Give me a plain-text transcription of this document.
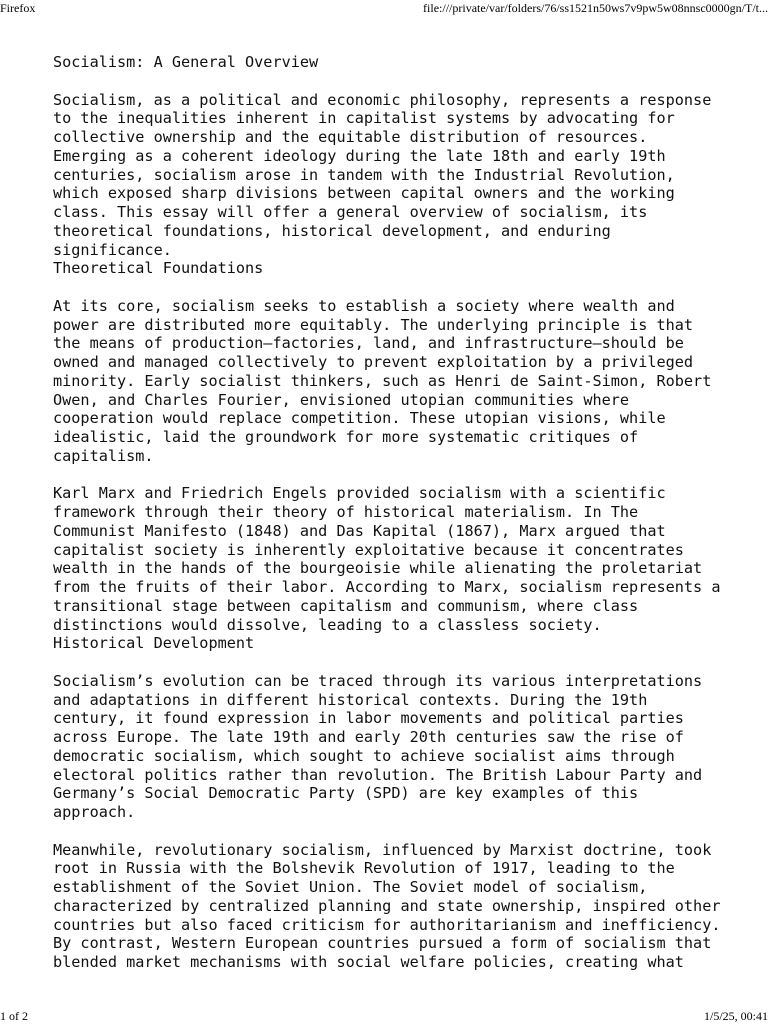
Firefox	file:///private/var/folders/76/ss1521n50ws7v9pw5w08nnsc0000gn/T/t...
Socialism: A General Overview
Socialism, as a political and economic philosophy, represents a response
to the inequalities inherent in capitalist systems by advocating for
collective ownership and the equitable distribution of resources.
Emerging as a coherent ideology during the late 18th and early 19th
centuries, socialism arose in tandem with the Industrial Revolution,
which exposed sharp divisions between capital owners and the working
class. This essay will offer a general overview of socialism, its
theoretical foundations, historical development, and enduring
significance.
Theoretical Foundations
At its core, socialism seeks to establish a society where wealth and
power are distributed more equitably. The underlying principle is that
the means of production—factories, land, and infrastructure—should be
owned and managed collectively to prevent exploitation by a privileged
minority. Early socialist thinkers, such as Henri de Saint-Simon, Robert
Owen, and Charles Fourier, envisioned utopian communities where
cooperation would replace competition. These utopian visions, while
idealistic, laid the groundwork for more systematic critiques of
capitalism.
Karl Marx and Friedrich Engels provided socialism with a scientific
framework through their theory of historical materialism. In The
Communist Manifesto (1848) and Das Kapital (1867), Marx argued that
capitalist society is inherently exploitative because it concentrates
wealth in the hands of the bourgeoisie while alienating the proletariat
from the fruits of their labor. According to Marx, socialism represents a
transitional stage between capitalism and communism, where class
distinctions would dissolve, leading to a classless society.
Historical Development
Socialism’s evolution can be traced through its various interpretations
and adaptations in different historical contexts. During the 19th
century, it found expression in labor movements and political parties
across Europe. The late 19th and early 20th centuries saw the rise of
democratic socialism, which sought to achieve socialist aims through
electoral politics rather than revolution. The British Labour Party and
Germany’s Social Democratic Party (SPD) are key examples of this
approach.
Meanwhile, revolutionary socialism, influenced by Marxist doctrine, took
root in Russia with the Bolshevik Revolution of 1917, leading to the
establishment of the Soviet Union. The Soviet model of socialism,
characterized by centralized planning and state ownership, inspired other
countries but also faced criticism for authoritarianism and inefficiency.
By contrast, Western European countries pursued a form of socialism that
blended market mechanisms with social welfare policies, creating what
1 of 2	1/5/25, 00:41
